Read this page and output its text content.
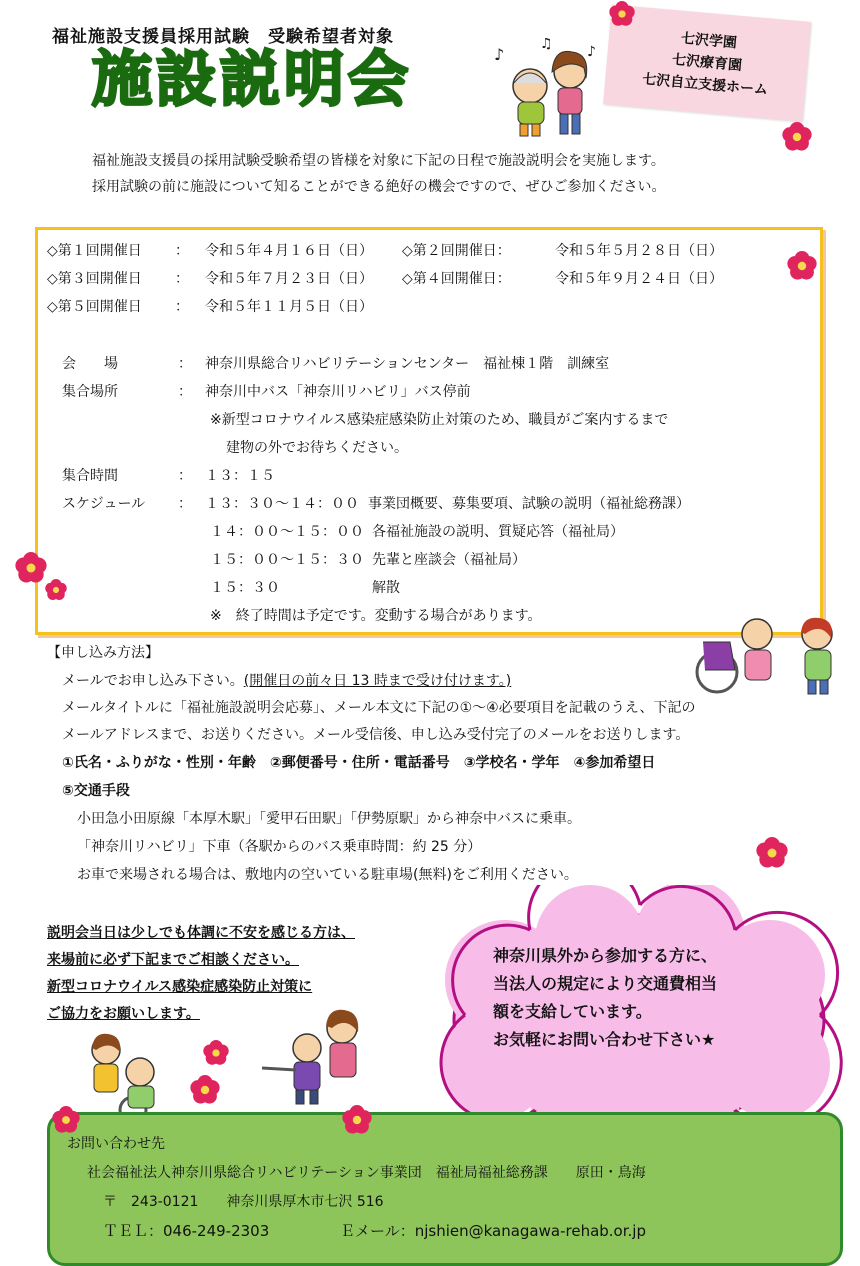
福祉施設支援員採用試験　受験希望者対象
施設説明会	♪
♫ ♪
七沢学園
七沢療育園
七沢自立支援ホーム
福祉施設支援員の採用試験受験希望の皆様を対象に下記の日程で施設説明会を実施します。
採用試験の前に施設について知ることができる絶好の機会ですので、ぜひご参加ください。
◇第１回開催日 ： 令和５年４月１６日（日） ◇第２回開催日：	令和５年５月２８日（日）
◇第３回開催日 ： 令和５年７月２３日（日） ◇第４回開催日：	令和５年９月２４日（日）
◇第５回開催日 ： 令和５年１１月５日（日）
会　　場	： 神奈川県総合リハビリテーションセンター　福祉棟１階　訓練室
集合場所	： 神奈川中バス「神奈川リハビリ」バス停前
※新型コロナウイルス感染症感染防止対策のため、職員がご案内するまで
建物の外でお待ちください。
集合時間	： １３：１５
スケジュール ： １３：３０～１４：００ 事業団概要、募集要項、試験の説明（福祉総務課）
１４：００～１５：００ 各福祉施設の説明、質疑応答（福祉局）
１５：００～１５：３０ 先輩と座談会（福祉局）
１５：３０	解散
※　終了時間は予定です。変動する場合があります。
【申し込み方法】
メールでお申し込み下さい。(開催日の前々日 13 時まで受け付けます。)
メールタイトルに「福祉施設説明会応募」、メール本文に下記の①～④必要項目を記載のうえ、下記の
メールアドレスまで、お送りください。メール受信後、申し込み受付完了のメールをお送りします。
①氏名・ふりがな・性別・年齢　②郵便番号・住所・電話番号　③学校名・学年　④参加希望日
⑤交通手段
小田急小田原線「本厚木駅」「愛甲石田駅」「伊勢原駅」から神奈中バスに乗車。
「神奈川リハビリ」下車（各駅からのバス乗車時間：約 25 分）
お車で来場される場合は、敷地内の空いている駐車場(無料)をご利用ください。
説明会当日は少しでも体調に不安を感じる方は、
来場前に必ず下記までご相談ください。
新型コロナウイルス感染症感染防止対策に
ご協力をお願いします。
神奈川県外から参加する方に、
当法人の規定により交通費相当
額を支給しています。
お気軽にお問い合わせ下さい★
お問い合わせ先
社会福祉法人神奈川県総合リハビリテーション事業団　福祉局福祉総務課　　原田・鳥海
〒　243-0121　　神奈川県厚木市七沢 516
ＴＥＬ：046-249-2303	Ｅメール：njshien@kanagawa-rehab.or.jp
